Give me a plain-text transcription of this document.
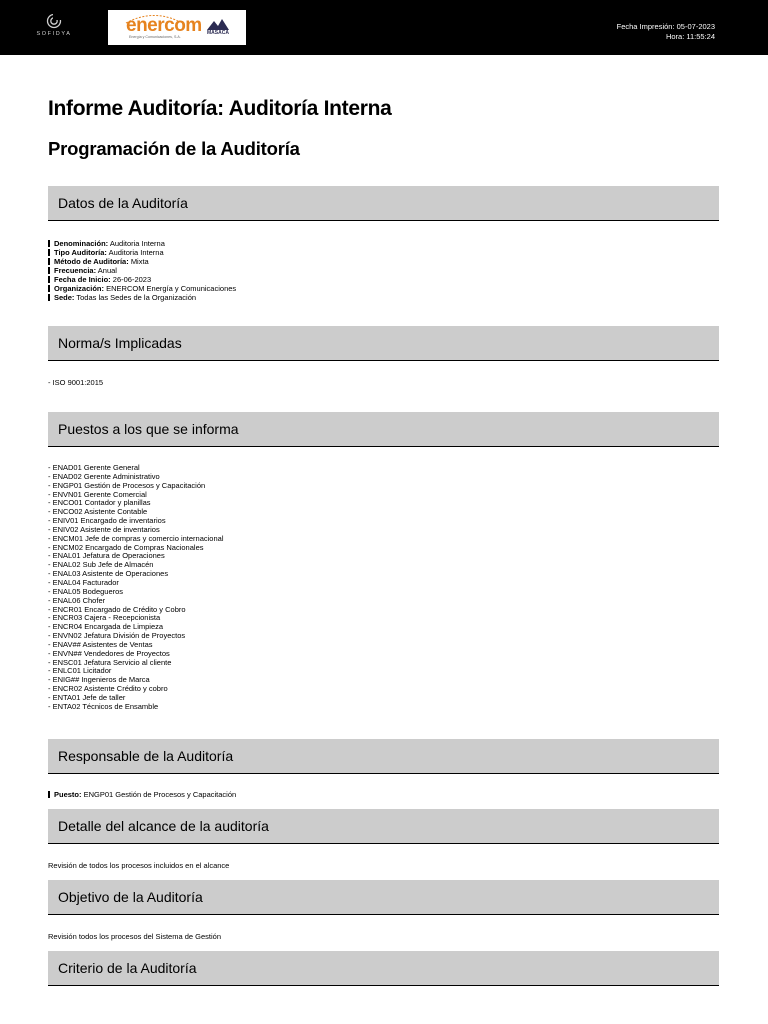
SOFIDYA	enercom
Energía y Comunicaciones, S.A.
MASACA
Fecha Impresión: 05-07-2023
Hora: 11:55:24
Informe Auditoría: Auditoría Interna
Programación de la Auditoría
Datos de la Auditoría
Denominación: Auditoria Interna
Tipo Auditoría: Auditoria Interna
Método de Auditoría: Mixta
Frecuencia: Anual
Fecha de Inicio: 26-06-2023
Organización: ENERCOM Energía y Comunicaciones
Sede: Todas las Sedes de la Organización
Norma/s Implicadas
- ISO 9001:2015
Puestos a los que se informa
- ENAD01 Gerente General
- ENAD02 Gerente Administrativo
- ENGP01 Gestión de Procesos y Capacitación
- ENVN01 Gerente Comercial
- ENCO01 Contador y planillas
- ENCO02 Asistente Contable
- ENIV01 Encargado de inventarios
- ENIV02 Asistente de inventarios
- ENCM01 Jefe de compras y comercio internacional
- ENCM02 Encargado de Compras Nacionales
- ENAL01 Jefatura de Operaciones
- ENAL02 Sub Jefe de Almacén
- ENAL03 Asistente de Operaciones
- ENAL04 Facturador
- ENAL05 Bodegueros
- ENAL06 Chofer
- ENCR01 Encargado de Crédito y Cobro
- ENCR03 Cajera - Recepcionista
- ENCR04 Encargada de Limpieza
- ENVN02 Jefatura División de Proyectos
- ENAV## Asistentes de Ventas
- ENVN## Vendedores de Proyectos
- ENSC01 Jefatura Servicio al cliente
- ENLC01 Licitador
- ENIG## Ingenieros de Marca
- ENCR02 Asistente Crédito y cobro
- ENTA01 Jefe de taller
- ENTA02 Técnicos de Ensamble
Responsable de la Auditoría
Puesto: ENGP01 Gestión de Procesos y Capacitación
Detalle del alcance de la auditoría
Revisión de todos los procesos incluidos en el alcance
Objetivo de la Auditoría
Revisión todos los procesos del Sistema de Gestión
Criterio de la Auditoría
